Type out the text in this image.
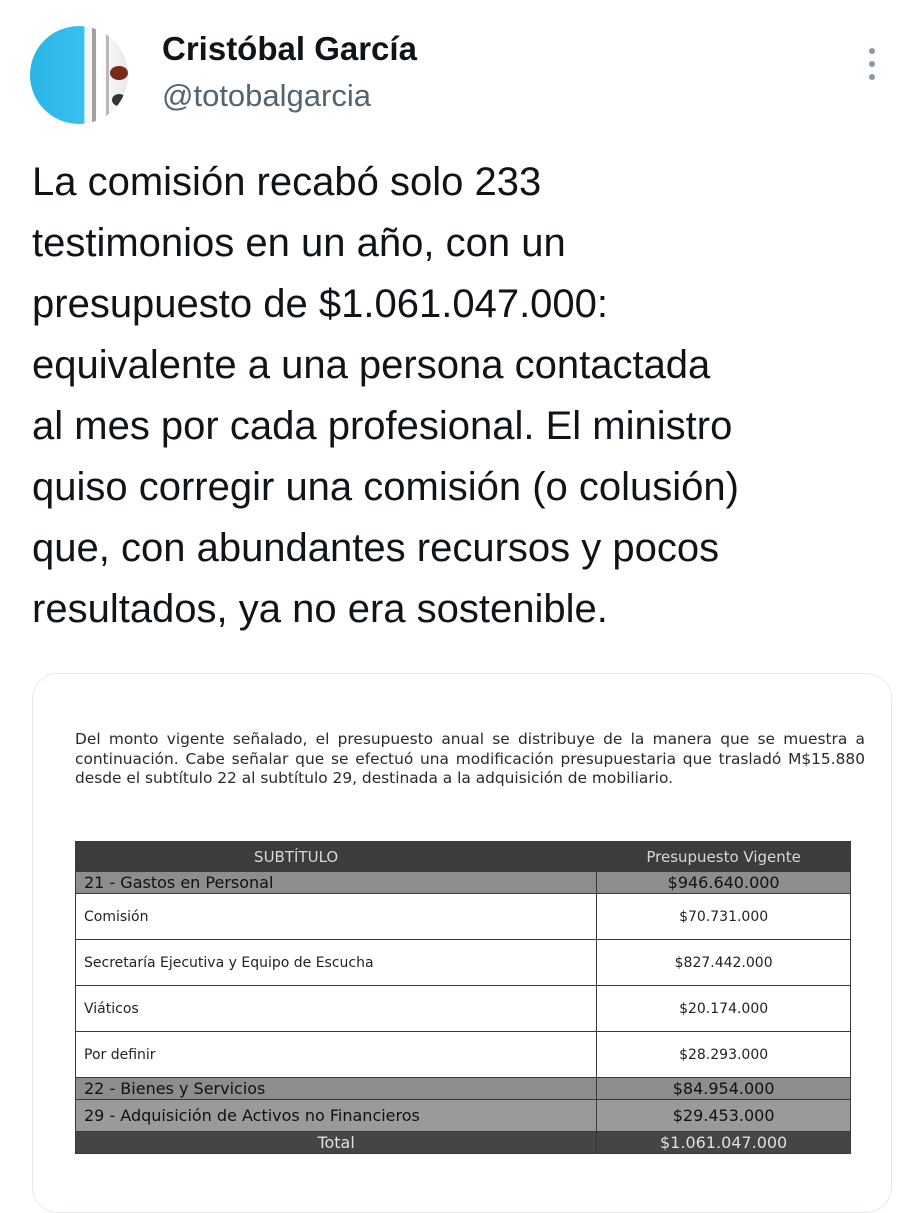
Cristóbal García
@totobalgarcia
La comisión recabó solo 233
testimonios en un año, con un
presupuesto de $1.061.047.000:
equivalente a una persona contactada
al mes por cada profesional. El ministro
quiso corregir una comisión (o colusión)
que, con abundantes recursos y pocos
resultados, ya no era sostenible.
Del monto vigente señalado, el presupuesto anual se distribuye de la manera que se muestra a continuación. Cabe señalar que se efectuó una modificación presupuestaria que trasladó M$15.880 desde el subtítulo 22 al subtítulo 29, destinada a la adquisición de mobiliario.
SUBTÍTULO	Presupuesto Vigente
21 - Gastos en Personal	$946.640.000
Comisión	$70.731.000
Secretaría Ejecutiva y Equipo de Escucha	$827.442.000
Viáticos	$20.174.000
Por definir	$28.293.000
22 - Bienes y Servicios	$84.954.000
29 - Adquisición de Activos no Financieros	$29.453.000
Total	$1.061.047.000
